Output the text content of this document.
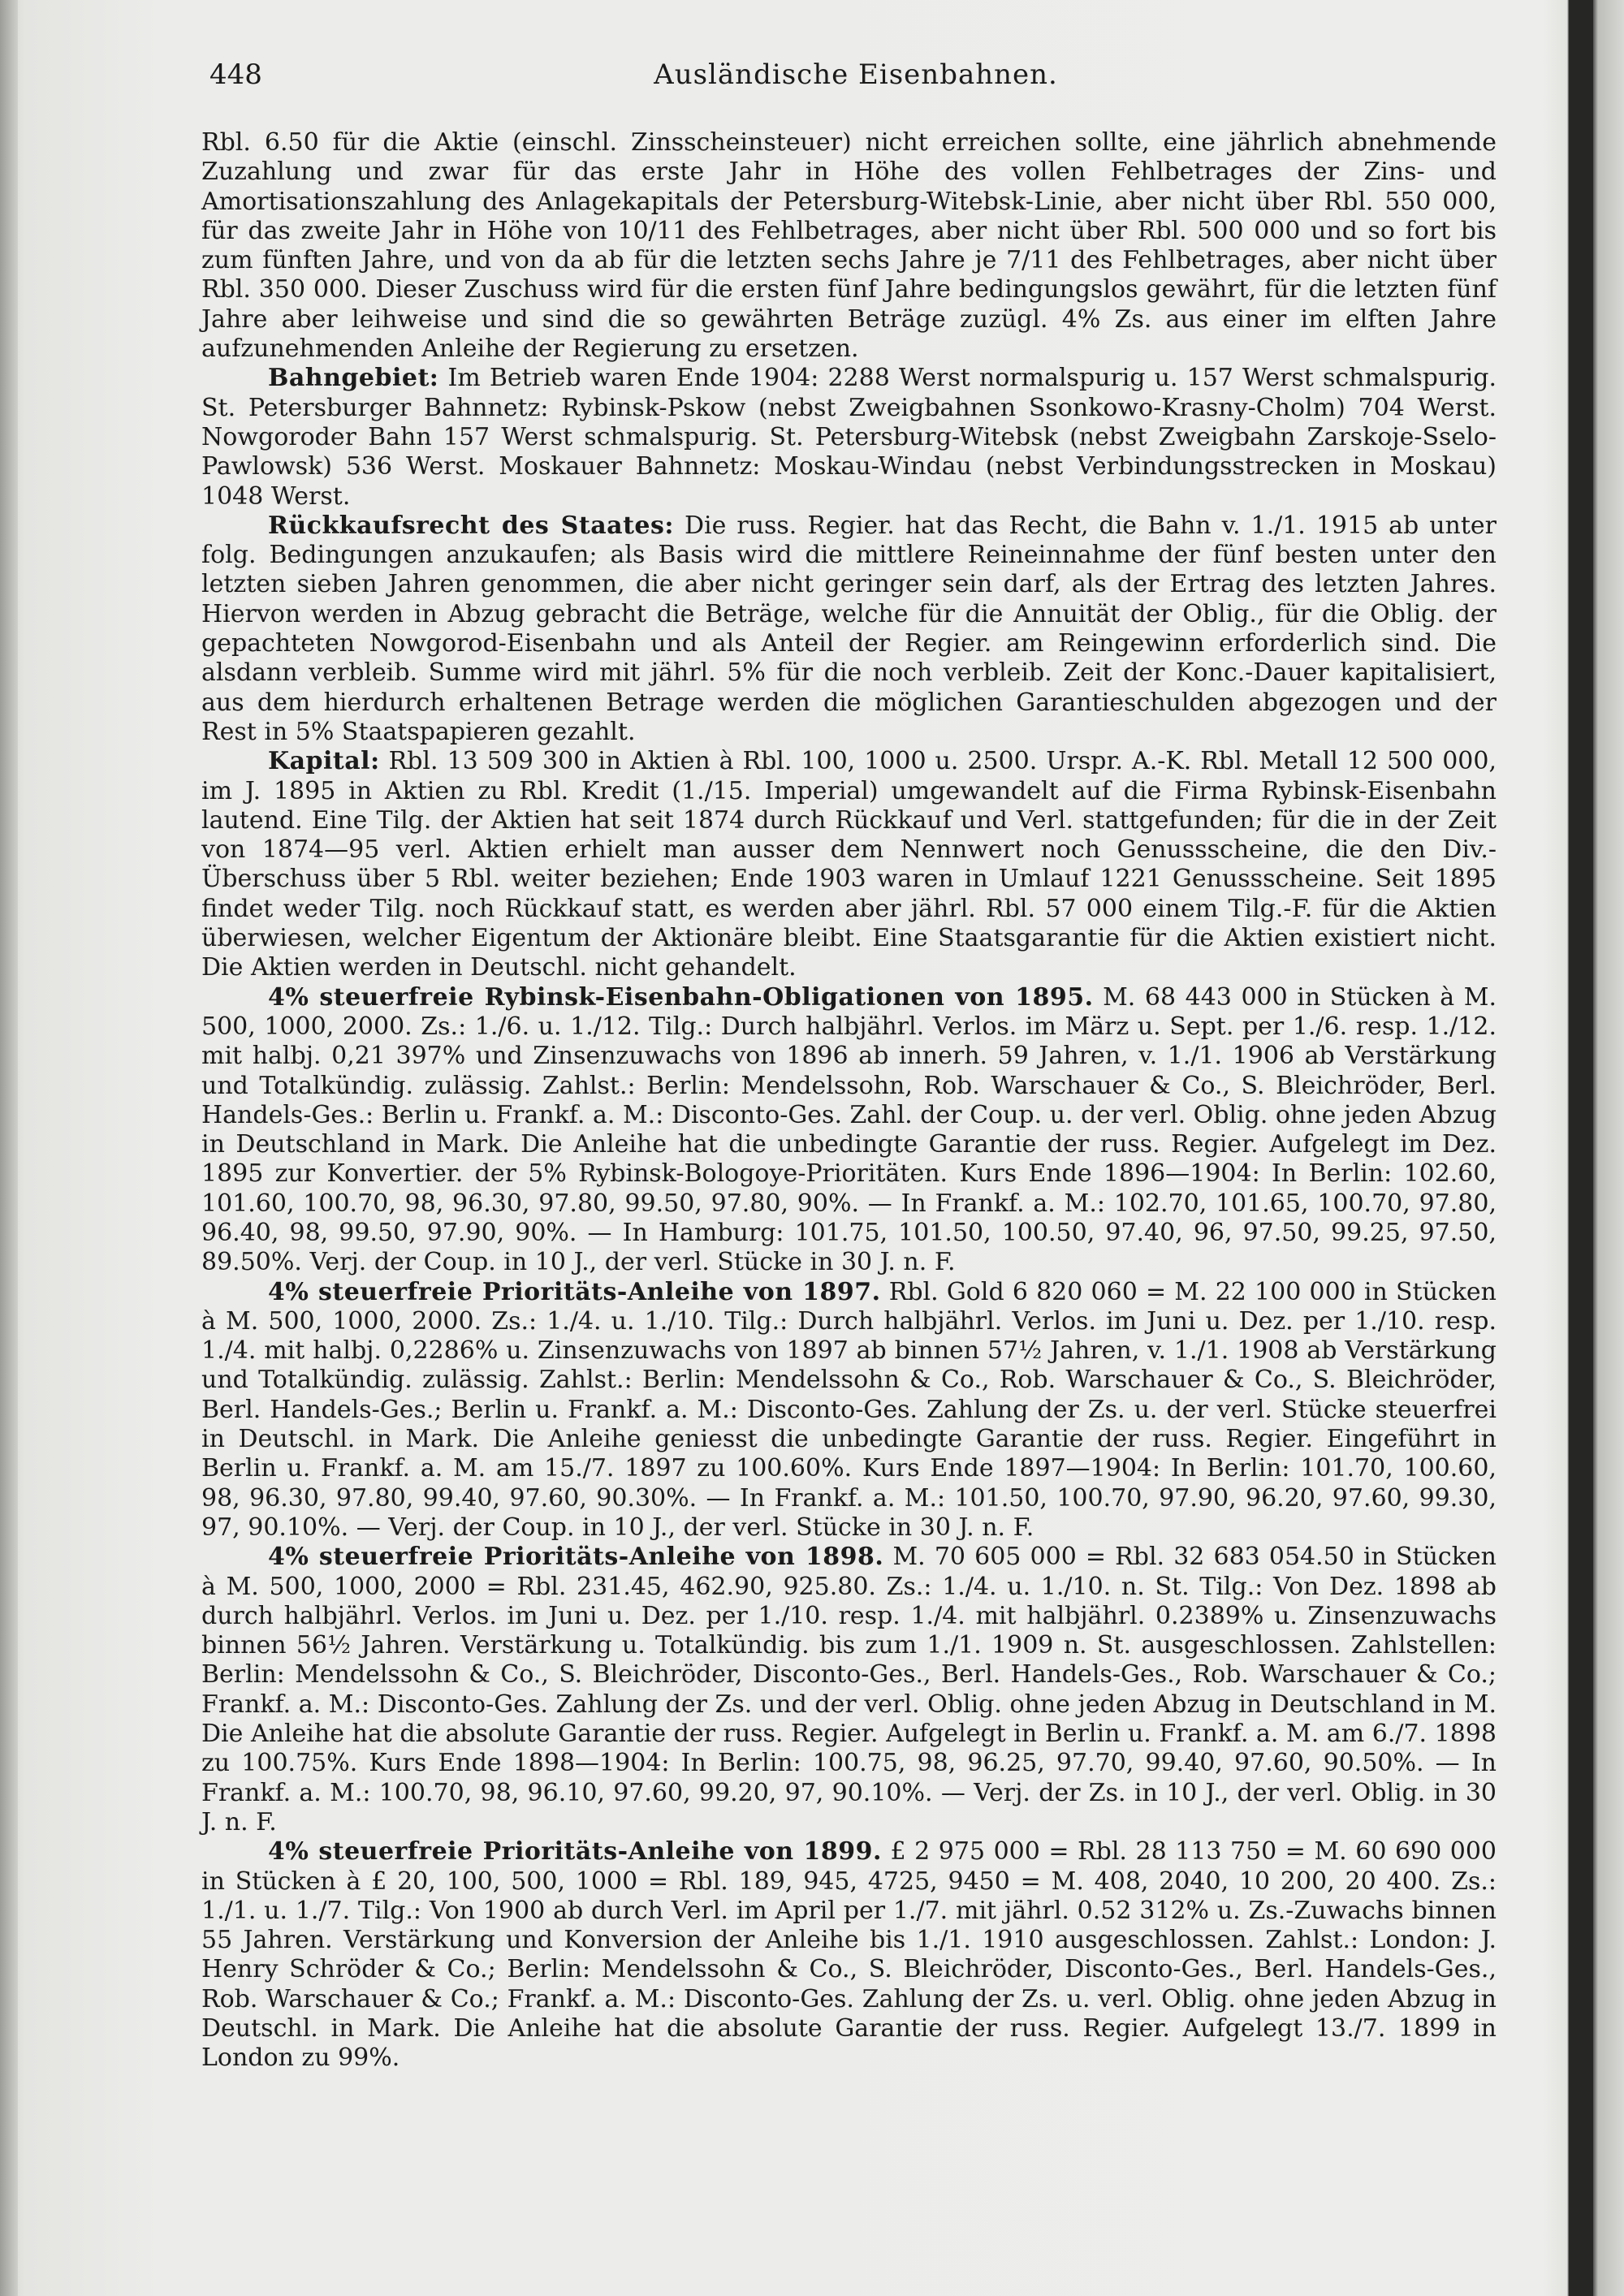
448	Ausländische Eisenbahnen.

Rbl. 6.50 für die Aktie (einschl. Zinsscheinsteuer) nicht erreichen sollte, eine jährlich abnehmende Zuzahlung und zwar für das erste Jahr in Höhe des vollen Fehlbetrages der Zins- und Amortisationszahlung des Anlagekapitals der Petersburg-Witebsk-Linie, aber nicht über Rbl. 550 000, für das zweite Jahr in Höhe von 10/11 des Fehlbetrages, aber nicht über Rbl. 500 000 und so fort bis zum fünften Jahre, und von da ab für die letzten sechs Jahre je 7/11 des Fehlbetrages, aber nicht über Rbl. 350 000. Dieser Zuschuss wird für die ersten fünf Jahre bedingungslos gewährt, für die letzten fünf Jahre aber leihweise und sind die so gewährten Beträge zuzügl. 4% Zs. aus einer im elften Jahre aufzunehmenden Anleihe der Regierung zu ersetzen.

Bahngebiet: Im Betrieb waren Ende 1904: 2288 Werst normalspurig u. 157 Werst schmalspurig. St. Petersburger Bahnnetz: Rybinsk-Pskow (nebst Zweigbahnen Ssonkowo-Krasny-Cholm) 704 Werst. Nowgoroder Bahn 157 Werst schmalspurig. St. Petersburg-Witebsk (nebst Zweigbahn Zarskoje-Sselo-Pawlowsk) 536 Werst. Moskauer Bahnnetz: Moskau-Windau (nebst Verbindungsstrecken in Moskau) 1048 Werst.

Rückkaufsrecht des Staates: Die russ. Regier. hat das Recht, die Bahn v. 1./1. 1915 ab unter folg. Bedingungen anzukaufen; als Basis wird die mittlere Reineinnahme der fünf besten unter den letzten sieben Jahren genommen, die aber nicht geringer sein darf, als der Ertrag des letzten Jahres. Hiervon werden in Abzug gebracht die Beträge, welche für die Annuität der Oblig., für die Oblig. der gepachteten Nowgorod-Eisenbahn und als Anteil der Regier. am Reingewinn erforderlich sind. Die alsdann verbleib. Summe wird mit jährl. 5% für die noch verbleib. Zeit der Konc.-Dauer kapitalisiert, aus dem hierdurch erhaltenen Betrage werden die möglichen Garantieschulden abgezogen und der Rest in 5% Staatspapieren gezahlt.

Kapital: Rbl. 13 509 300 in Aktien à Rbl. 100, 1000 u. 2500. Urspr. A.-K. Rbl. Metall 12 500 000, im J. 1895 in Aktien zu Rbl. Kredit (1./15. Imperial) umgewandelt auf die Firma Rybinsk-Eisenbahn lautend. Eine Tilg. der Aktien hat seit 1874 durch Rückkauf und Verl. stattgefunden; für die in der Zeit von 1874—95 verl. Aktien erhielt man ausser dem Nennwert noch Genussscheine, die den Div.-Überschuss über 5 Rbl. weiter beziehen; Ende 1903 waren in Umlauf 1221 Genussscheine. Seit 1895 findet weder Tilg. noch Rückkauf statt, es werden aber jährl. Rbl. 57 000 einem Tilg.-F. für die Aktien überwiesen, welcher Eigentum der Aktionäre bleibt. Eine Staatsgarantie für die Aktien existiert nicht. Die Aktien werden in Deutschl. nicht gehandelt.

4% steuerfreie Rybinsk-Eisenbahn-Obligationen von 1895. M. 68 443 000 in Stücken à M. 500, 1000, 2000. Zs.: 1./6. u. 1./12. Tilg.: Durch halbjährl. Verlos. im März u. Sept. per 1./6. resp. 1./12. mit halbj. 0,21 397% und Zinsenzuwachs von 1896 ab innerh. 59 Jahren, v. 1./1. 1906 ab Verstärkung und Totalkündig. zulässig. Zahlst.: Berlin: Mendelssohn, Rob. Warschauer & Co., S. Bleichröder, Berl. Handels-Ges.: Berlin u. Frankf. a. M.: Disconto-Ges. Zahl. der Coup. u. der verl. Oblig. ohne jeden Abzug in Deutschland in Mark. Die Anleihe hat die unbedingte Garantie der russ. Regier. Aufgelegt im Dez. 1895 zur Konvertier. der 5% Rybinsk-Bologoye-Prioritäten. Kurs Ende 1896—1904: In Berlin: 102.60, 101.60, 100.70, 98, 96.30, 97.80, 99.50, 97.80, 90%. — In Frankf. a. M.: 102.70, 101.65, 100.70, 97.80, 96.40, 98, 99.50, 97.90, 90%. — In Hamburg: 101.75, 101.50, 100.50, 97.40, 96, 97.50, 99.25, 97.50, 89.50%. Verj. der Coup. in 10 J., der verl. Stücke in 30 J. n. F.

4% steuerfreie Prioritäts-Anleihe von 1897. Rbl. Gold 6 820 060 = M. 22 100 000 in Stücken à M. 500, 1000, 2000. Zs.: 1./4. u. 1./10. Tilg.: Durch halbjährl. Verlos. im Juni u. Dez. per 1./10. resp. 1./4. mit halbj. 0,2286% u. Zinsenzuwachs von 1897 ab binnen 57½ Jahren, v. 1./1. 1908 ab Verstärkung und Totalkündig. zulässig. Zahlst.: Berlin: Mendelssohn & Co., Rob. Warschauer & Co., S. Bleichröder, Berl. Handels-Ges.; Berlin u. Frankf. a. M.: Disconto-Ges. Zahlung der Zs. u. der verl. Stücke steuerfrei in Deutschl. in Mark. Die Anleihe geniesst die unbedingte Garantie der russ. Regier. Eingeführt in Berlin u. Frankf. a. M. am 15./7. 1897 zu 100.60%. Kurs Ende 1897—1904: In Berlin: 101.70, 100.60, 98, 96.30, 97.80, 99.40, 97.60, 90.30%. — In Frankf. a. M.: 101.50, 100.70, 97.90, 96.20, 97.60, 99.30, 97, 90.10%. — Verj. der Coup. in 10 J., der verl. Stücke in 30 J. n. F.

4% steuerfreie Prioritäts-Anleihe von 1898. M. 70 605 000 = Rbl. 32 683 054.50 in Stücken à M. 500, 1000, 2000 = Rbl. 231.45, 462.90, 925.80. Zs.: 1./4. u. 1./10. n. St. Tilg.: Von Dez. 1898 ab durch halbjährl. Verlos. im Juni u. Dez. per 1./10. resp. 1./4. mit halbjährl. 0.2389% u. Zinsenzuwachs binnen 56½ Jahren. Verstärkung u. Totalkündig. bis zum 1./1. 1909 n. St. ausgeschlossen. Zahlstellen: Berlin: Mendelssohn & Co., S. Bleichröder, Disconto-Ges., Berl. Handels-Ges., Rob. Warschauer & Co.; Frankf. a. M.: Disconto-Ges. Zahlung der Zs. und der verl. Oblig. ohne jeden Abzug in Deutschland in M. Die Anleihe hat die absolute Garantie der russ. Regier. Aufgelegt in Berlin u. Frankf. a. M. am 6./7. 1898 zu 100.75%. Kurs Ende 1898—1904: In Berlin: 100.75, 98, 96.25, 97.70, 99.40, 97.60, 90.50%. — In Frankf. a. M.: 100.70, 98, 96.10, 97.60, 99.20, 97, 90.10%. — Verj. der Zs. in 10 J., der verl. Oblig. in 30 J. n. F.

4% steuerfreie Prioritäts-Anleihe von 1899. £ 2 975 000 = Rbl. 28 113 750 = M. 60 690 000 in Stücken à £ 20, 100, 500, 1000 = Rbl. 189, 945, 4725, 9450 = M. 408, 2040, 10 200, 20 400. Zs.: 1./1. u. 1./7. Tilg.: Von 1900 ab durch Verl. im April per 1./7. mit jährl. 0.52 312% u. Zs.-Zuwachs binnen 55 Jahren. Verstärkung und Konversion der Anleihe bis 1./1. 1910 ausgeschlossen. Zahlst.: London: J. Henry Schröder & Co.; Berlin: Mendelssohn & Co., S. Bleichröder, Disconto-Ges., Berl. Handels-Ges., Rob. Warschauer & Co.; Frankf. a. M.: Disconto-Ges. Zahlung der Zs. u. verl. Oblig. ohne jeden Abzug in Deutschl. in Mark. Die Anleihe hat die absolute Garantie der russ. Regier. Aufgelegt 13./7. 1899 in London zu 99%.
